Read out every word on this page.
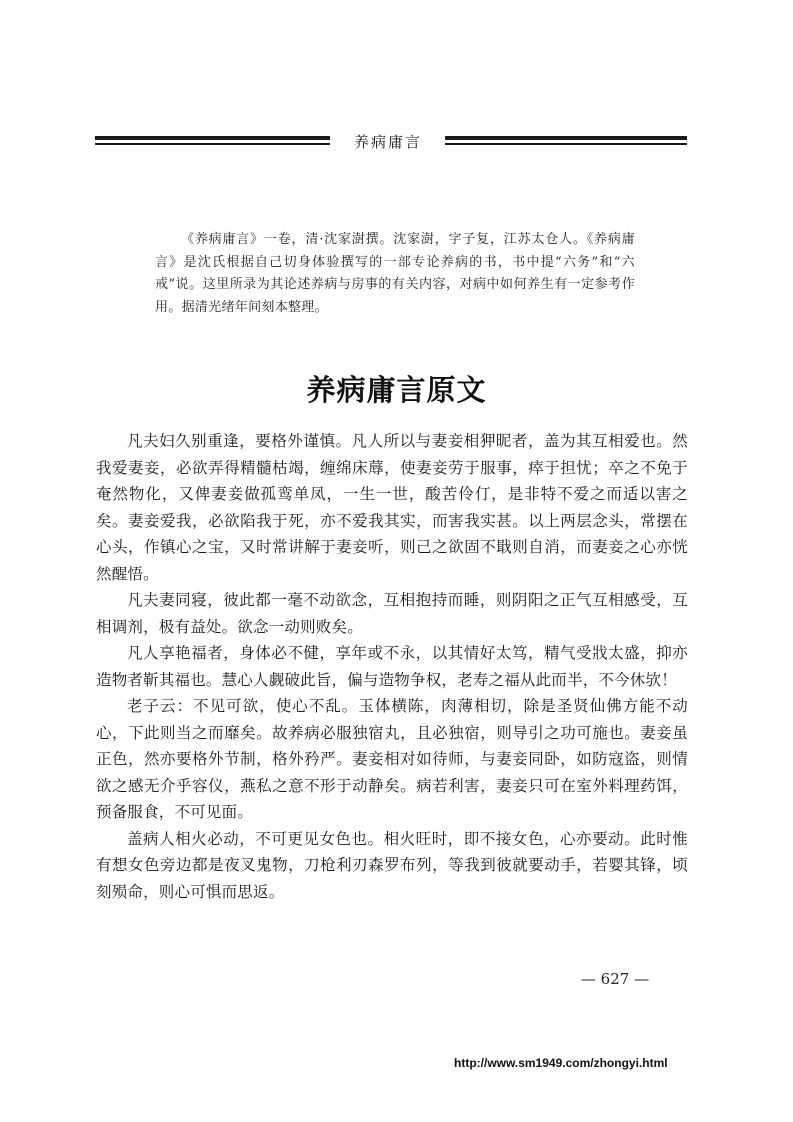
养病庸言

《养病庸言》一卷，清·沈家澍撰。沈家澍，字子复，江苏太仓人。《养病庸言》是沈氏根据自己切身体验撰写的一部专论养病的书，书中提“六务”和“六戒”说。这里所录为其论述养病与房事的有关内容，对病中如何养生有一定参考作用。据清光绪年间刻本整理。

养病庸言原文

凡夫妇久别重逢，要格外谨慎。凡人所以与妻妾相狎昵者，盖为其互相爱也。然我爱妻妾，必欲弄得精髓枯竭，缠绵床蓐，使妻妾劳于服事，瘁于担忧；卒之不免于奄然物化，又俾妻妾做孤鸾单凤，一生一世，酸苦伶仃，是非特不爱之而适以害之矣。妻妾爱我，必欲陷我于死，亦不爱我其实，而害我实甚。以上两层念头，常摆在心头，作镇心之宝，又时常讲解于妻妾听，则己之欲固不戢则自消，而妻妾之心亦恍然醒悟。

凡夫妻同寝，彼此都一毫不动欲念，互相抱持而睡，则阴阳之正气互相感受，互相调剂，极有益处。欲念一动则败矣。

凡人享艳福者，身体必不健，享年或不永，以其情好太笃，精气受戕太盛，抑亦造物者靳其福也。慧心人觑破此旨，偏与造物争权，老寿之福从此而半，不今休欤！

老子云：不见可欲，使心不乱。玉体横陈，肉薄相切，除是圣贤仙佛方能不动心，下此则当之而靡矣。故养病必服独宿丸，且必独宿，则导引之功可施也。妻妾虽正色，然亦要格外节制，格外矜严。妻妾相对如待师，与妻妾同卧，如防寇盗，则情欲之感无介乎容仪，燕私之意不形于动静矣。病若利害，妻妾只可在室外料理药饵，预备服食，不可见面。

盖病人相火必动，不可更见女色也。相火旺时，即不接女色，心亦要动。此时惟有想女色旁边都是夜叉鬼物，刀枪利刃森罗布列，等我到彼就要动手，若婴其锋，顷刻殒命，则心可惧而思返。

— 627 —
http://www.sm1949.com/zhongyi.html
